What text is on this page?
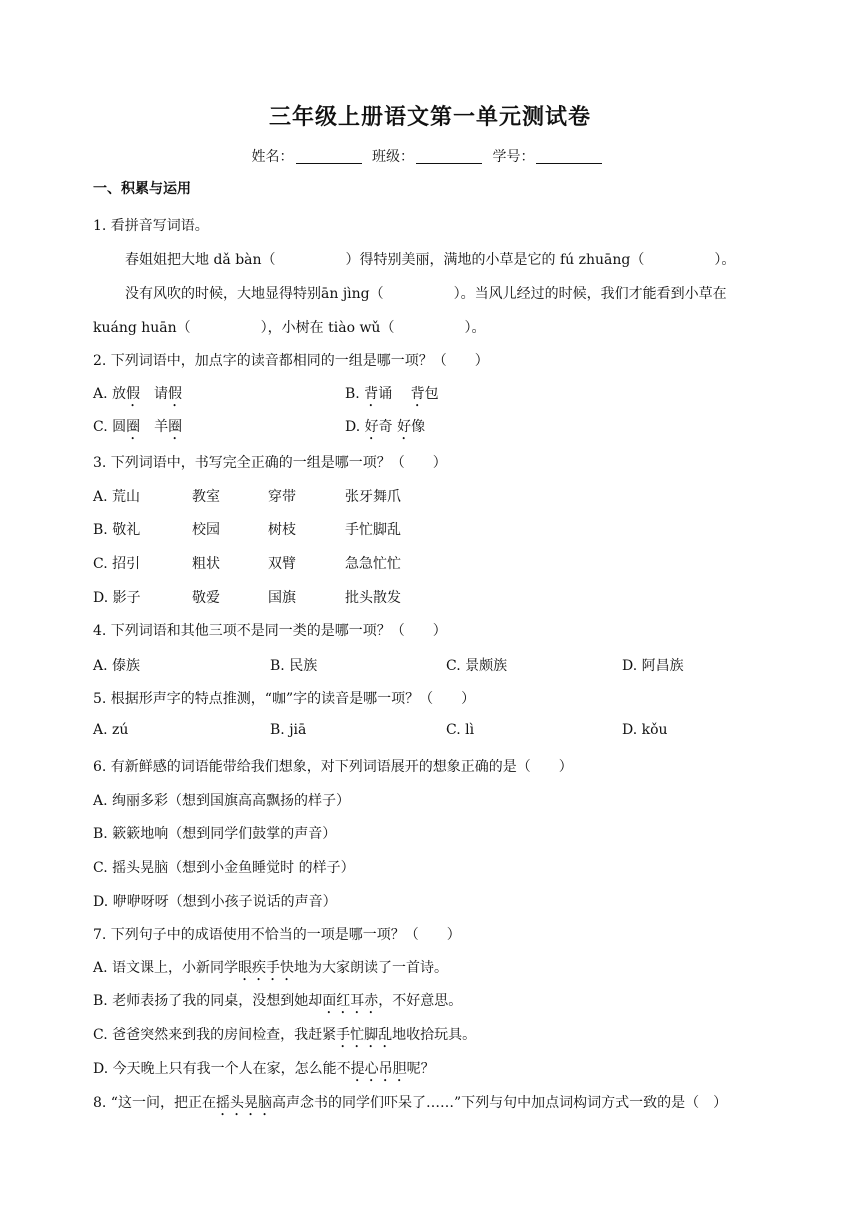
三年级上册语文第一单元测试卷
姓名：	班级：	学号：
一、积累与运用
1. 看拼音写词语。
春姐姐把大地 dǎ bàn（	）得特别美丽，满地的小草是它的 fú zhuāng（	）。
没有风吹的时候，大地显得特别ān jìng（	）。当风儿经过的时候，我们才能看到小草在
kuáng huān（	），小树在 tiào wǔ（	）。
2. 下列词语中，加点字的读音都相同的一组是哪一项？（　　）
A. 放假　请假	B. 背诵　 背包
C. 圆圈　羊圈	D. 好奇 好像
3. 下列词语中，书写完全正确的一组是哪一项？（　　）
A. 荒山	教室	穿带	张牙舞爪
B. 敬礼	校园	树枝	手忙脚乱
C. 招引	粗状	双臂	急急忙忙
D. 影子	敬爱	国旗	批头散发
4. 下列词语和其他三项不是同一类的是哪一项？（　　）
A. 傣族	B. 民族	C. 景颇族	D. 阿昌族
5. 根据形声字的特点推测，“咖”字的读音是哪一项？（　　）
A. zú	B. jiā	C. lì	D. kǒu
6. 有新鲜感的词语能带给我们想象，对下列词语展开的想象正确的是（　　）
A. 绚丽多彩（想到国旗高高飘扬的样子）
B. 簌簌地响（想到同学们鼓掌的声音）
C. 摇头晃脑（想到小金鱼睡觉时 的样子）
D. 咿咿呀呀（想到小孩子说话的声音）
7. 下列句子中的成语使用不恰当的一项是哪一项？（　　）
A. 语文课上，小新同学眼疾手快地为大家朗读了一首诗。
B. 老师表扬了我的同桌，没想到她却面红耳赤，不好意思。
C. 爸爸突然来到我的房间检查，我赶紧手忙脚乱地收拾玩具。
D. 今天晚上只有我一个人在家，怎么能不提心吊胆呢？
8. “这一问，把正在摇头晃脑高声念书的同学们吓呆了……”下列与句中加点词构词方式一致的是（　）
